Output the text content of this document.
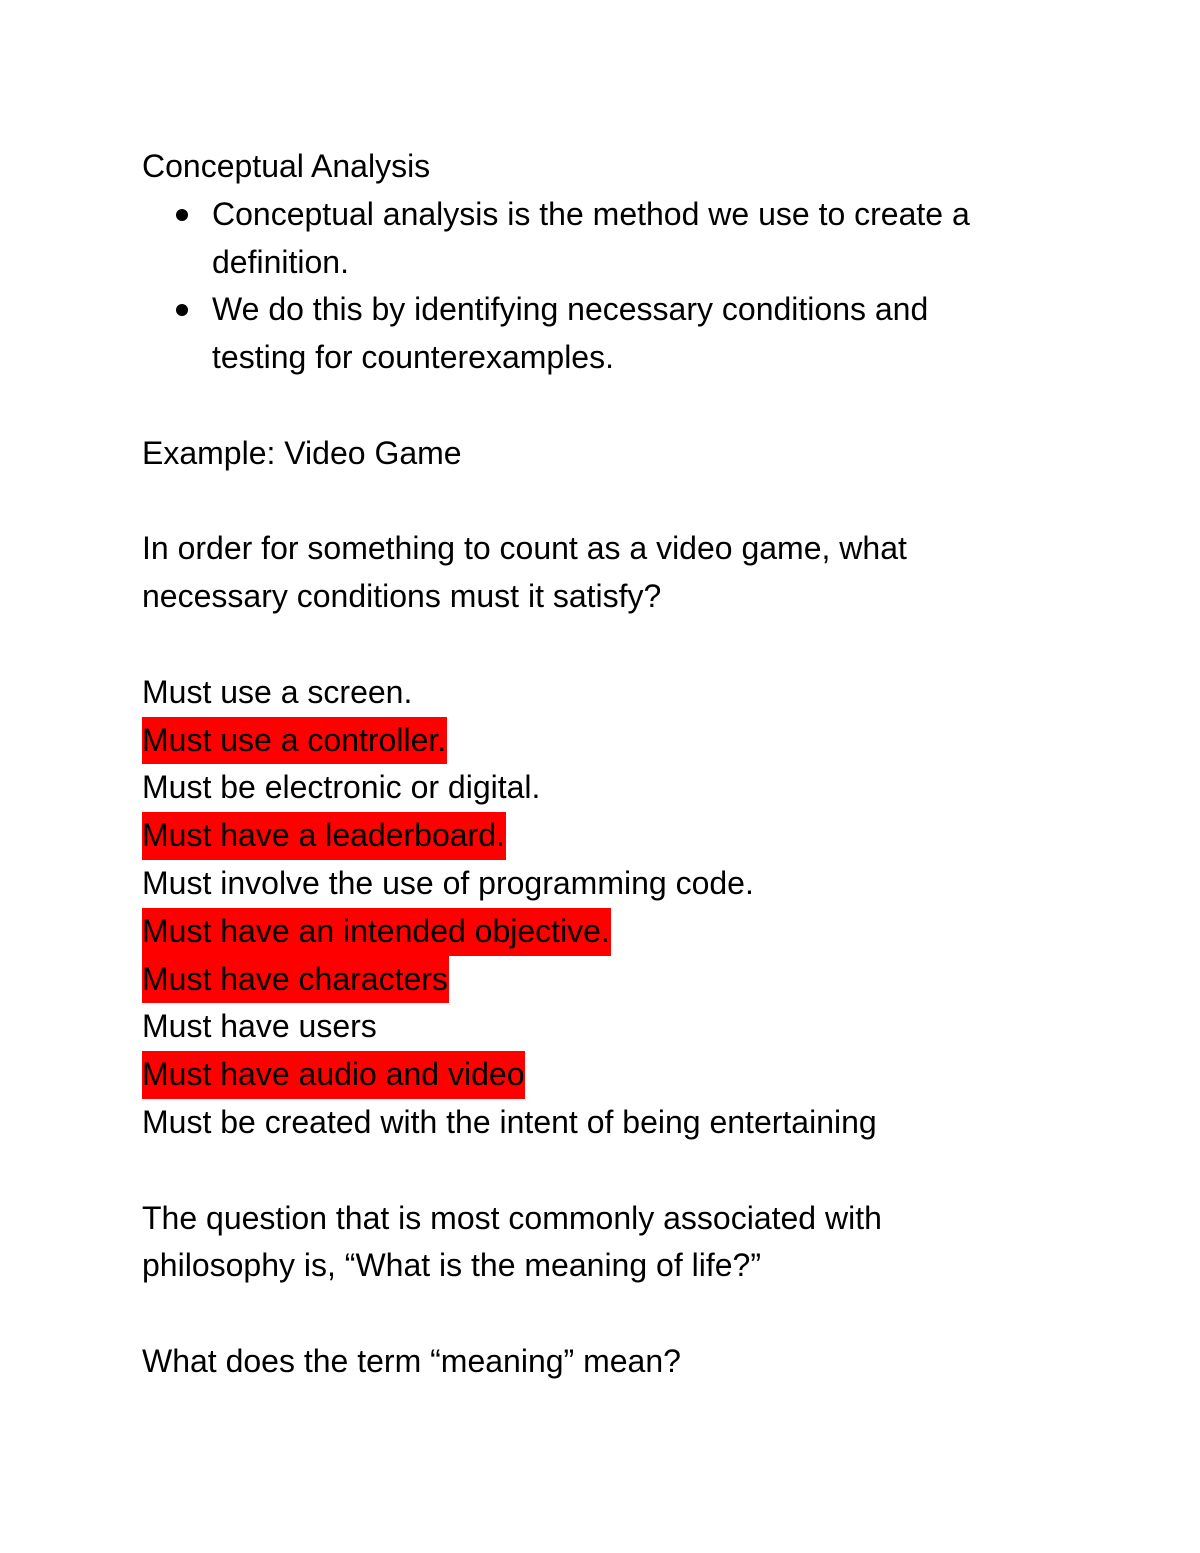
Conceptual Analysis
Conceptual analysis is the method we use to create a
definition.
We do this by identifying necessary conditions and
testing for counterexamples.
Example: Video Game
In order for something to count as a video game, what
necessary conditions must it satisfy?
Must use a screen.
Must use a controller.
Must be electronic or digital.
Must have a leaderboard.
Must involve the use of programming code.
Must have an intended objective.
Must have characters
Must have users
Must have audio and video
Must be created with the intent of being entertaining
The question that is most commonly associated with
philosophy is, “What is the meaning of life?”
What does the term “meaning” mean?
